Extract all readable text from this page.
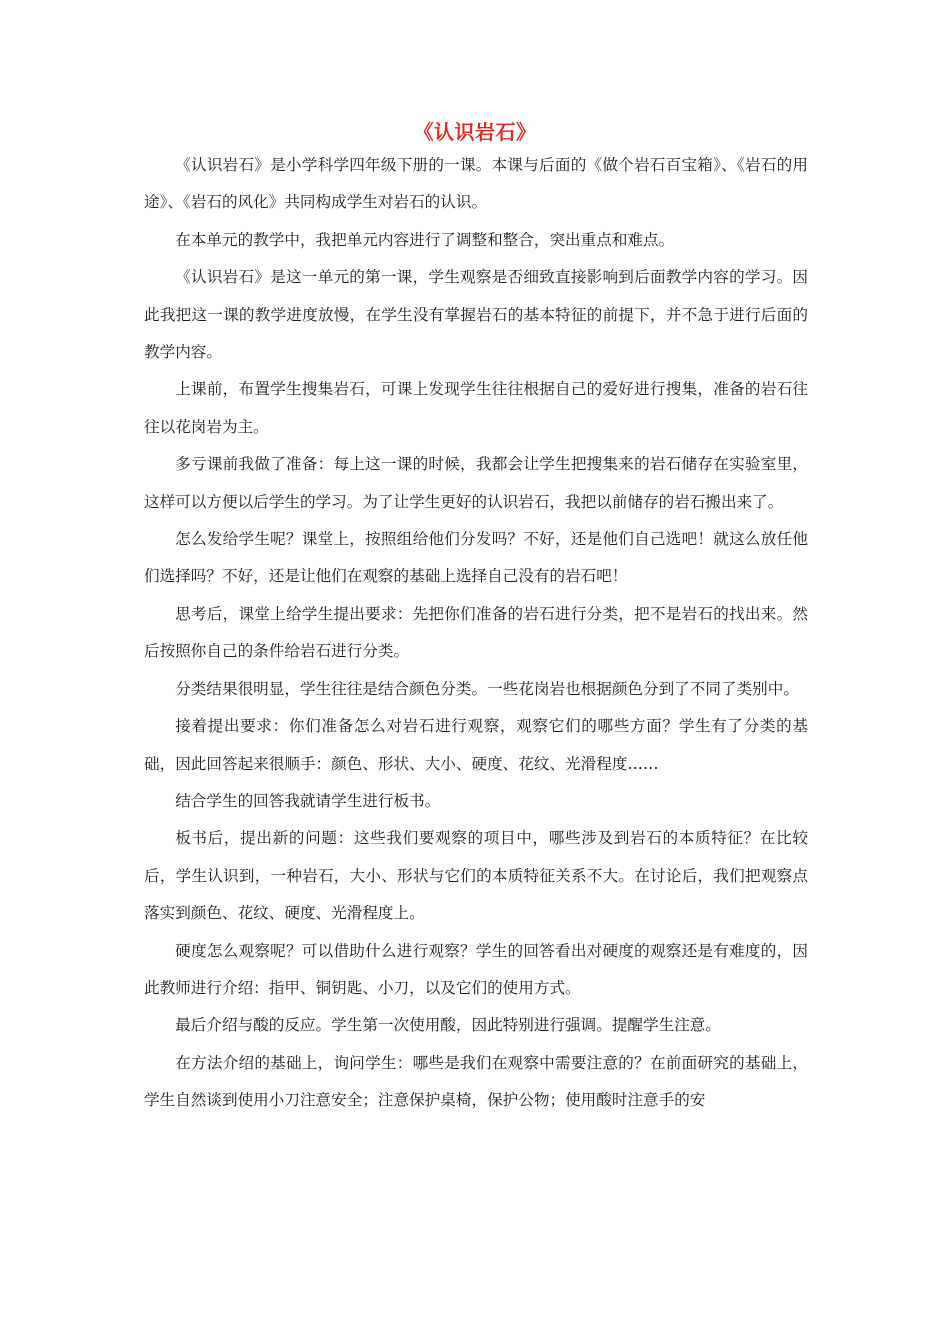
《认识岩石》

《认识岩石》是小学科学四年级下册的一课。本课与后面的《做个岩石百宝箱》、《岩石的用途》、《岩石的风化》共同构成学生对岩石的认识。

在本单元的教学中，我把单元内容进行了调整和整合，突出重点和难点。

《认识岩石》是这一单元的第一课，学生观察是否细致直接影响到后面教学内容的学习。因此我把这一课的教学进度放慢，在学生没有掌握岩石的基本特征的前提下，并不急于进行后面的教学内容。

上课前，布置学生搜集岩石，可课上发现学生往往根据自己的爱好进行搜集，准备的岩石往往以花岗岩为主。

多亏课前我做了准备：每上这一课的时候，我都会让学生把搜集来的岩石储存在实验室里，这样可以方便以后学生的学习。为了让学生更好的认识岩石，我把以前储存的岩石搬出来了。

怎么发给学生呢？课堂上，按照组给他们分发吗？不好，还是他们自己选吧！就这么放任他们选择吗？不好，还是让他们在观察的基础上选择自己没有的岩石吧！

思考后，课堂上给学生提出要求：先把你们准备的岩石进行分类，把不是岩石的找出来。然后按照你自己的条件给岩石进行分类。

分类结果很明显，学生往往是结合颜色分类。一些花岗岩也根据颜色分到了不同了类别中。

接着提出要求：你们准备怎么对岩石进行观察，观察它们的哪些方面？学生有了分类的基础，因此回答起来很顺手：颜色、形状、大小、硬度、花纹、光滑程度……

结合学生的回答我就请学生进行板书。

板书后，提出新的问题：这些我们要观察的项目中，哪些涉及到岩石的本质特征？在比较后，学生认识到，一种岩石，大小、形状与它们的本质特征关系不大。在讨论后，我们把观察点落实到颜色、花纹、硬度、光滑程度上。

硬度怎么观察呢？可以借助什么进行观察？学生的回答看出对硬度的观察还是有难度的，因此教师进行介绍：指甲、铜钥匙、小刀，以及它们的使用方式。

最后介绍与酸的反应。学生第一次使用酸，因此特别进行强调。提醒学生注意。

在方法介绍的基础上，询问学生：哪些是我们在观察中需要注意的？在前面研究的基础上，学生自然谈到使用小刀注意安全；注意保护桌椅，保护公物；使用酸时注意手的安
